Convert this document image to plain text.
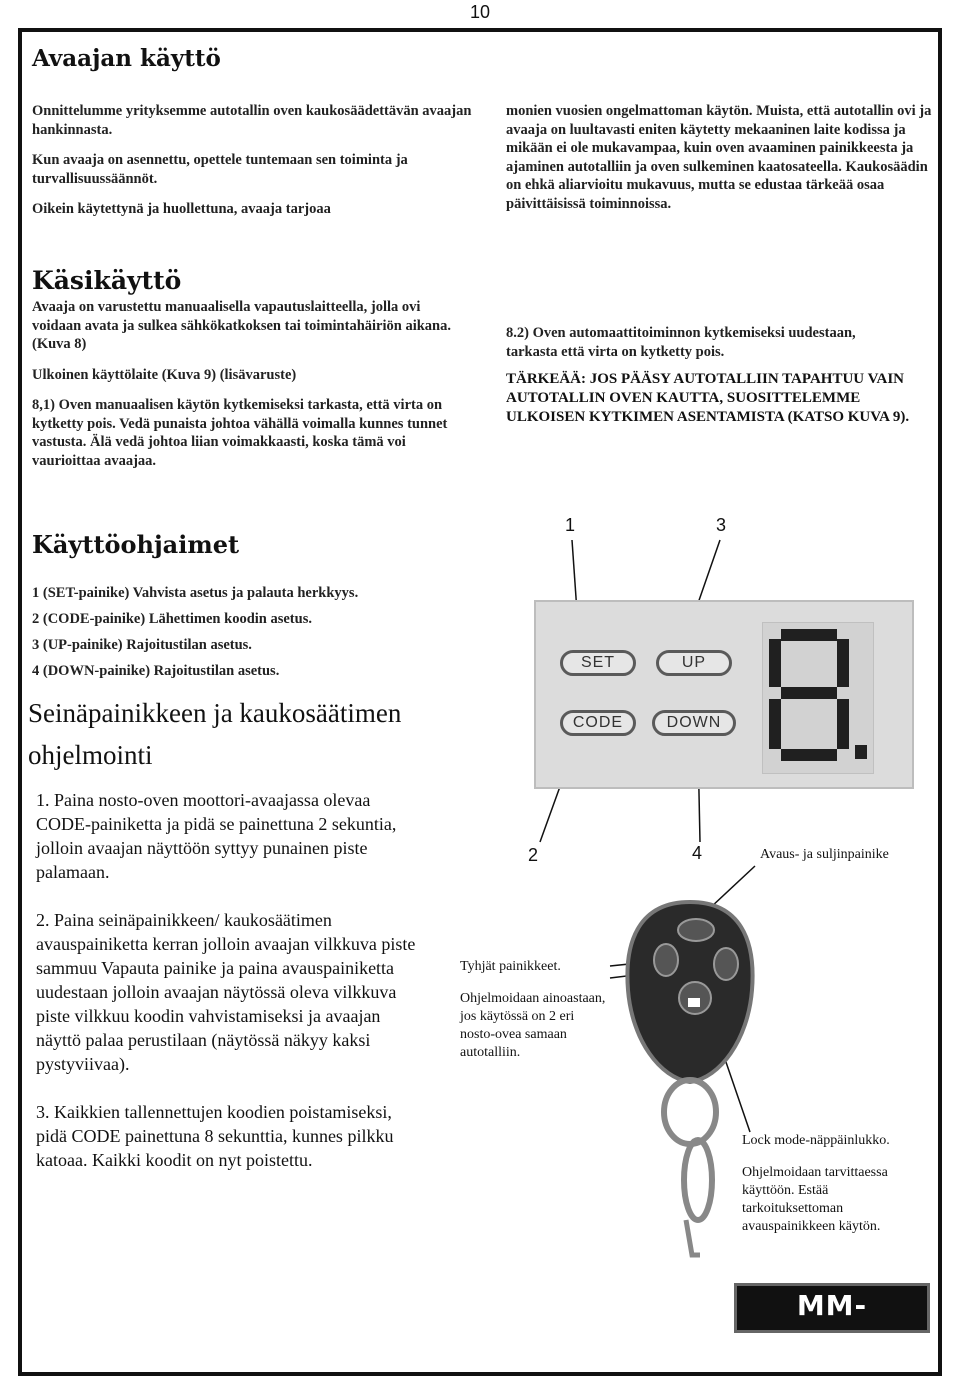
10
Avaajan käyttö

Onnittelumme yrityksemme autotallin oven kaukosäädettävän avaajan hankinnasta.

Kun avaaja on asennettu, opettele tuntemaan sen toiminta ja turvallisuussäännöt.

Oikein käytettynä ja huollettuna, avaaja tarjoaa

monien vuosien ongelmattoman käytön. Muista, että autotallin ovi ja avaaja on luultavasti eniten käytetty mekaaninen laite kodissa ja mikään ei ole mukavampaa, kuin oven avaaminen painikkeesta ja ajaminen autotalliin ja oven sulkeminen kaatosateella. Kaukosäädin on ehkä aliarvioitu mukavuus, mutta se edustaa tärkeää osaa päivittäisissä toiminnoissa.
Käsikäyttö

Avaaja on varustettu manuaalisella vapautuslaitteella, jolla ovi voidaan avata ja sulkea sähkökatkoksen tai toimintahäiriön aikana. (Kuva 8)

Ulkoinen käyttölaite (Kuva 9) (lisävaruste)

8,1) Oven manuaalisen käytön kytkemiseksi tarkasta, että virta on kytketty pois. Vedä punaista johtoa vähällä voimalla kunnes tunnet vastusta. Älä vedä johtoa liian voimakkaasti, koska tämä voi vaurioittaa avaajaa.

8.2) Oven automaattitoiminnon kytkemiseksi uudestaan, tarkasta että virta on kytketty pois.
TÄRKEÄÄ: JOS PÄÄSY AUTOTALLIIN TAPAHTUU VAIN AUTOTALLIN OVEN KAUTTA, SUOSITTELEMME ULKOISEN KYTKIMEN ASENTAMISTA (KATSO KUVA 9).
Käyttöohjaimet
1 (SET-painike) Vahvista asetus ja palauta herkkyys.
2 (CODE-painike) Lähettimen koodin asetus.
3 (UP-painike) Rajoitustilan asetus.
4 (DOWN-painike) Rajoitustilan asetus.
1	3
2	4
SET	UP
CODE	DOWN
Seinäpainikkeen ja kaukosäätimen ohjelmointi

1. Paina nosto-oven moottori-avaajassa olevaa CODE-painiketta ja pidä se painettuna 2 sekuntia, jolloin avaajan näyttöön syttyy punainen piste palamaan.

2. Paina seinäpainikkeen/ kaukosäätimen avauspainiketta kerran jolloin avaajan vilkkuva piste sammuu Vapauta painike ja paina avauspainiketta uudestaan jolloin avaajan näytössä oleva vilkkuva piste vilkkuu koodin vahvistamiseksi ja avaajan näyttö palaa perustilaan (näytössä näkyy kaksi pystyviivaa).

3. Kaikkien tallennettujen koodien poistamiseksi, pidä CODE painettuna 8 sekunttia, kunnes pilkku katoaa. Kaikki koodit on nyt poistettu.

Avaus- ja suljinpainike

Tyhjät painikkeet.

Ohjelmoidaan ainoastaan, jos käytössä on 2 eri nosto-ovea samaan autotalliin.

Lock mode-näppäinlukko.

Ohjelmoidaan tarvittaessa käyttöön. Estää tarkoituksettoman avauspainikkeen käytön.

MM-thermox
